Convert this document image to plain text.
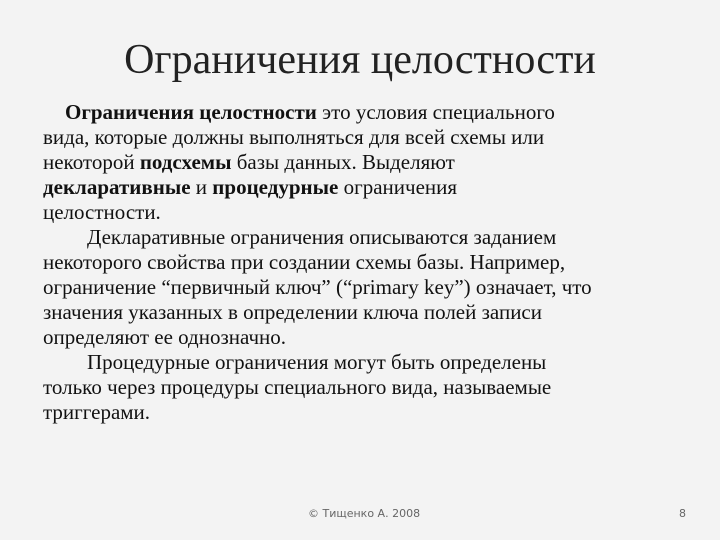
Ограничения целостности
Ограничения целостности это условия специального
вида, которые должны выполняться для всей схемы или
некоторой подсхемы базы данных. Выделяют
декларативные и процедурные ограничения
целостности.
Декларативные ограничения описываются заданием
некоторого свойства при создании схемы базы. Например,
ограничение “первичный ключ” (“primary key”) означает, что
значения указанных в определении ключа полей записи
определяют ее однозначно.
Процедурные ограничения могут быть определены
только через процедуры специального вида, называемые
триггерами.
© Тищенко А. 2008	8
